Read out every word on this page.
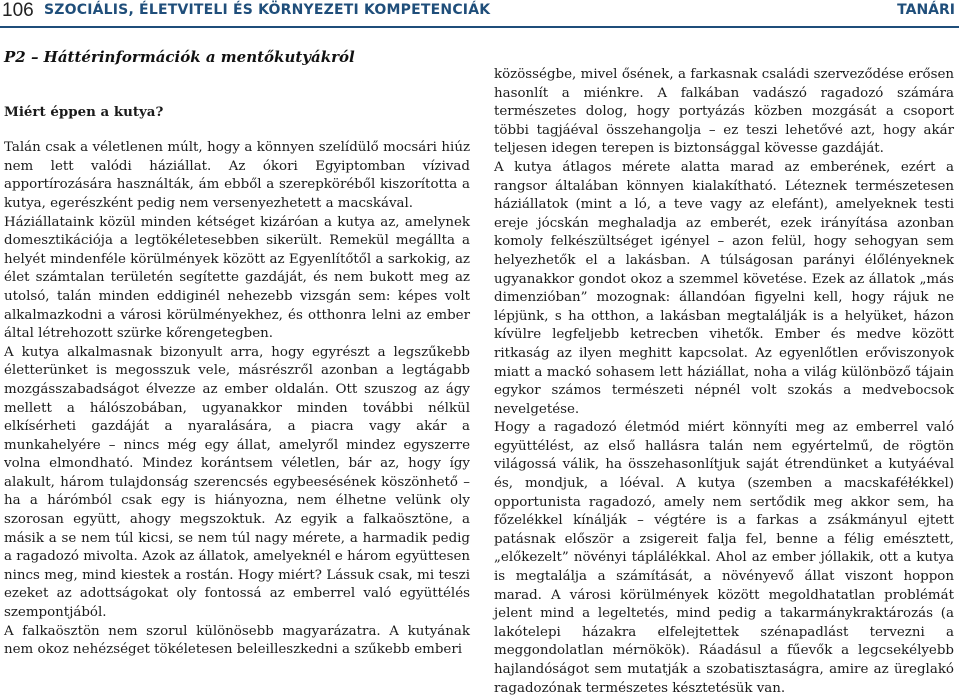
106 SZOCIÁLIS, ÉLETVITELI ÉS KÖRNYEZETI KOMPETENCIÁK	TANÁRI

P2 – Háttérinformációk a mentőkutyákról

Miért éppen a kutya?

Talán csak a véletlenen múlt, hogy a könnyen szelídülő mocsári hiúz nem lett valódi háziállat. Az ókori Egyiptomban vízivad apportírozására használták, ám ebből a szerepköréből kiszorította a kutya, egerészként pedig nem versenyezhetett a macskával.

Háziállataink közül minden kétséget kizáróan a kutya az, amelynek domesztikációja a legtökéletesebben sikerült. Remekül megállta a helyét mindenféle körülmények között az Egyenlítőtől a sarkokig, az élet számtalan területén segítette gazdáját, és nem bukott meg az utolsó, talán minden eddiginél nehezebb vizsgán sem: képes volt alkalmazkodni a városi körülményekhez, és otthonra lelni az ember által létrehozott szürke kőrengetegben.

A kutya alkalmasnak bizonyult arra, hogy egyrészt a legszűkebb életterünket is megosszuk vele, másrészről azonban a legtágabb mozgásszabadságot élvezze az ember oldalán. Ott szuszog az ágy mellett a hálószobában, ugyanakkor minden további nélkül elkísérheti gazdáját a nyaralására, a piacra vagy akár a munkahelyére – nincs még egy állat, amelyről mindez egyszerre volna elmondható. Mindez korántsem véletlen, bár az, hogy így alakult, három tulajdonság szerencsés egybeesésének köszönhető – ha a hárómból csak egy is hiányozna, nem élhetne velünk oly szorosan együtt, ahogy megszoktuk. Az egyik a falkaösztöne, a másik a se nem túl kicsi, se nem túl nagy mérete, a harmadik pedig a ragadozó mivolta. Azok az állatok, amelyeknél e három együttesen nincs meg, mind kiestek a rostán. Hogy miért? Lássuk csak, mi teszi ezeket az adottságokat oly fontossá az emberrel való együttélés szempontjából.

A falkaösztön nem szorul különösebb magyarázatra. A kutyának nem okoz nehézséget tökéletesen beleilleszkedni a szűkebb emberi

közösségbe, mivel ősének, a farkasnak családi szerveződése erősen hasonlít a miénkre. A falkában vadászó ragadozó számára természetes dolog, hogy portyázás közben mozgását a csoport többi tagjáéval összehangolja – ez teszi lehetővé azt, hogy akár teljesen idegen terepen is biztonsággal kövesse gazdáját.

A kutya átlagos mérete alatta marad az emberének, ezért a rangsor általában könnyen kialakítható. Léteznek természetesen háziállatok (mint a ló, a teve vagy az elefánt), amelyeknek testi ereje jócskán meghaladja az emberét, ezek irányítása azonban komoly felkészültséget igényel – azon felül, hogy sehogyan sem helyezhetők el a lakásban. A túlságosan parányi élőlényeknek ugyanakkor gondot okoz a szemmel követése. Ezek az állatok „más dimenzióban” mozognak: állandóan figyelni kell, hogy rájuk ne lépjünk, s ha otthon, a lakásban megtalálják is a helyüket, házon kívülre legfeljebb ketrecben vihetők. Ember és medve között ritkaság az ilyen meghitt kapcsolat. Az egyenlőtlen erőviszonyok miatt a mackó sohasem lett háziállat, noha a világ különböző tájain egykor számos természeti népnél volt szokás a medvebocsok nevelgetése.

Hogy a ragadozó életmód miért könnyíti meg az emberrel való együttélést, az első hallásra talán nem egyértelmű, de rögtön világossá válik, ha összehasonlítjuk saját étrendünket a kutyáéval és, mondjuk, a lóéval. A kutya (szemben a macskaféłékkel) opportunista ragadozó, amely nem sertődik meg akkor sem, ha főzelékkel kínálják – végtére is a farkas a zsákmányul ejtett patásnak először a zsigereit falja fel, benne a félig emésztett, „előkezelt” növényi táplálékkal. Ahol az ember jóllakik, ott a kutya is megtalálja a számítását, a növényevő állat viszont hoppon marad. A városi körülmények között megoldhatatlan problémát jelent mind a legeltetés, mind pedig a takarmánykraktározás (a lakótelepi házakra elfelejtettek szénapadlást tervezni a meggondolatlan mérnökök). Ráadásul a fűevők a legcsekélyebb hajlandóságot sem mutatják a szobatisztaságra, amire az üreglakó ragadozónak természetes késztetésük van.
